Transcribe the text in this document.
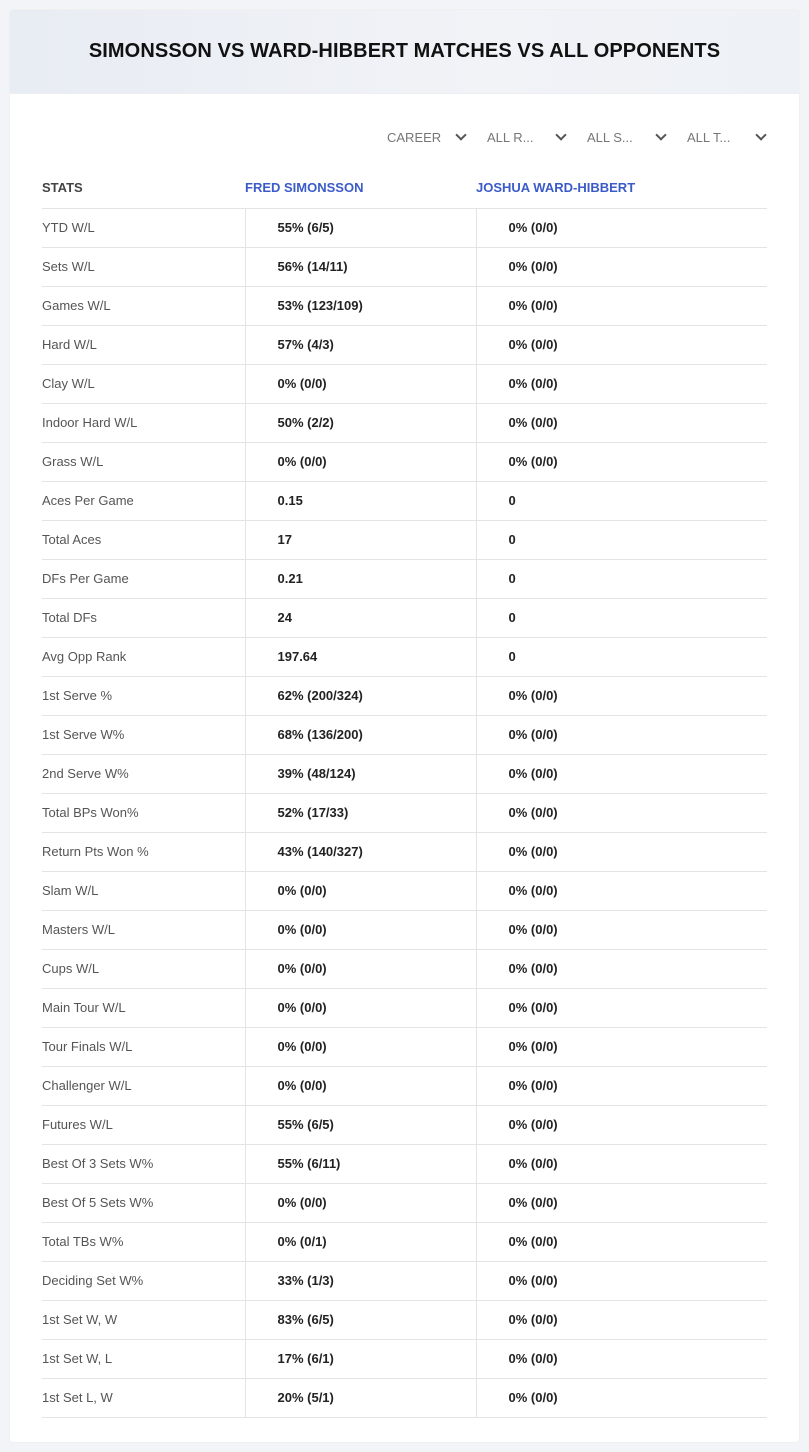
SIMONSSON VS WARD-HIBBERT MATCHES VS ALL OPPONENTS
CAREER	ALL R...	ALL S...	ALL T...
STATS	FRED SIMONSSON	JOSHUA WARD-HIBBERT
YTD W/L	55% (6/5)	0% (0/0)
Sets W/L	56% (14/11)	0% (0/0)
Games W/L	53% (123/109)	0% (0/0)
Hard W/L	57% (4/3)	0% (0/0)
Clay W/L	0% (0/0)	0% (0/0)
Indoor Hard W/L	50% (2/2)	0% (0/0)
Grass W/L	0% (0/0)	0% (0/0)
Aces Per Game	0.15	0
Total Aces	17	0
DFs Per Game	0.21	0
Total DFs	24	0
Avg Opp Rank	197.64	0
1st Serve %	62% (200/324)	0% (0/0)
1st Serve W%	68% (136/200)	0% (0/0)
2nd Serve W%	39% (48/124)	0% (0/0)
Total BPs Won%	52% (17/33)	0% (0/0)
Return Pts Won %	43% (140/327)	0% (0/0)
Slam W/L	0% (0/0)	0% (0/0)
Masters W/L	0% (0/0)	0% (0/0)
Cups W/L	0% (0/0)	0% (0/0)
Main Tour W/L	0% (0/0)	0% (0/0)
Tour Finals W/L	0% (0/0)	0% (0/0)
Challenger W/L	0% (0/0)	0% (0/0)
Futures W/L	55% (6/5)	0% (0/0)
Best Of 3 Sets W%	55% (6/11)	0% (0/0)
Best Of 5 Sets W%	0% (0/0)	0% (0/0)
Total TBs W%	0% (0/1)	0% (0/0)
Deciding Set W%	33% (1/3)	0% (0/0)
1st Set W, W	83% (6/5)	0% (0/0)
1st Set W, L	17% (6/1)	0% (0/0)
1st Set L, W	20% (5/1)	0% (0/0)
